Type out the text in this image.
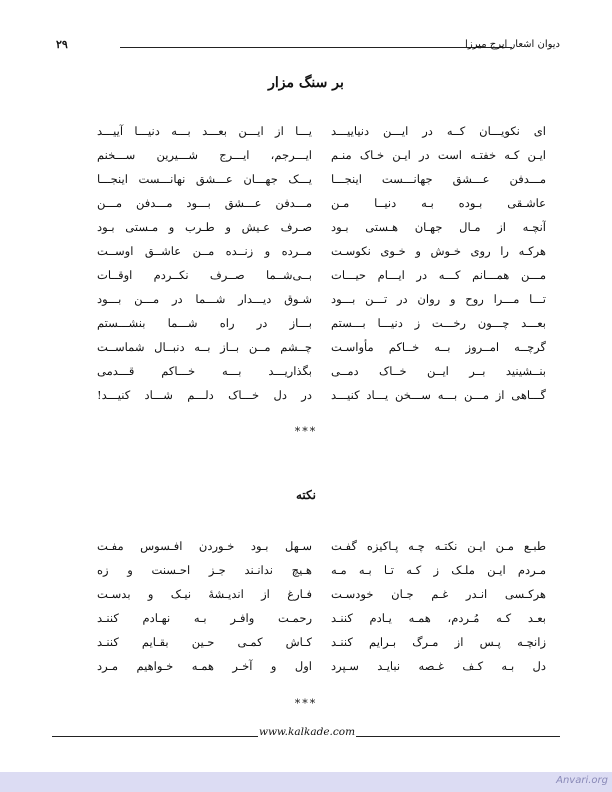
۲۹	دیوان اشعار ایرج میرزا
بر سنگ مزار
ای نکویـــان کــه در ایـــن دنیاییـــد
ایـن کـه خفتـه است در ایـن خـاک منـم
مـــدفن عـــشق جهانـــست اینجـــا
عاشـقی بـوده بـه دنیــا مـن
آنچـه از مـال جهـان هـستی بـود
هرکـه را روی خـوش و خـوی نکوسـت
مـــن همـــانم کـــه در ایـــام حیـــات
تـــا مـــرا روح و روان در تـــن بـــود
بعـــد چـــون رخـــت ز دنیـــا بـــستم
گرچــه امــروز بــه خــاکم مأواسـت
بنــشینید بــر ایــن خــاک دمــی
گـــاهی از مـــن بـــه ســـخن یـــاد کنیـــد
یـــا از ایـــن بعـــد بـــه دنیـــا آییـــد
ایـــرجم، ایـــرج شـــیرین ســـخنم
یـــک جهـــان عـــشق نهانـــست اینجـــا
مـــدفن عـــشق بـــود مـــدفن مـــن
صـرف عـیش و طـرب و مـستی بـود
مــرده و زنــده مــن عاشــق اوســت
بــی‌شــما صــرف نکــردم اوقــات
شـوق دیـــدار شـــما در مـــن بـــود
بـــاز در راه شـــما بنشـــستم
چــشم مــن بــاز بــه دنبــال شماســت
بگذاریـــد بـــه خـــاکم قـــدمی
در دل خـــاک دلـــم شـــاد کنیـــد!
***
نکته
طبـع مـن ایـن نکتـه چـه پـاکیزه گفـت
مـردم ایـن ملـک ز کـه تـا بـه مـه
هرکـسی انـدر غـم جـان خودسـت
بعـد کـه مُـردم، همـه یـادم کننـد
زانچـه پـس از مـرگ بـرایم کننـد
دل بـه کـف غـصه نبایـد سـپرد
سـهل بـود خـوردن افـسوس مفـت
هـیچ ندانـند جـز احـسنت و زه
فـارغ از اندیـشهٔ نیـک و بدسـت
رحمـت وافـر بـه نهـادم کننـد
کـاش کمـی حـین بقـایم کننـد
اول و آخـر همـه خـواهیم مـرد
***
www.kalkade.com
Anvari.org
